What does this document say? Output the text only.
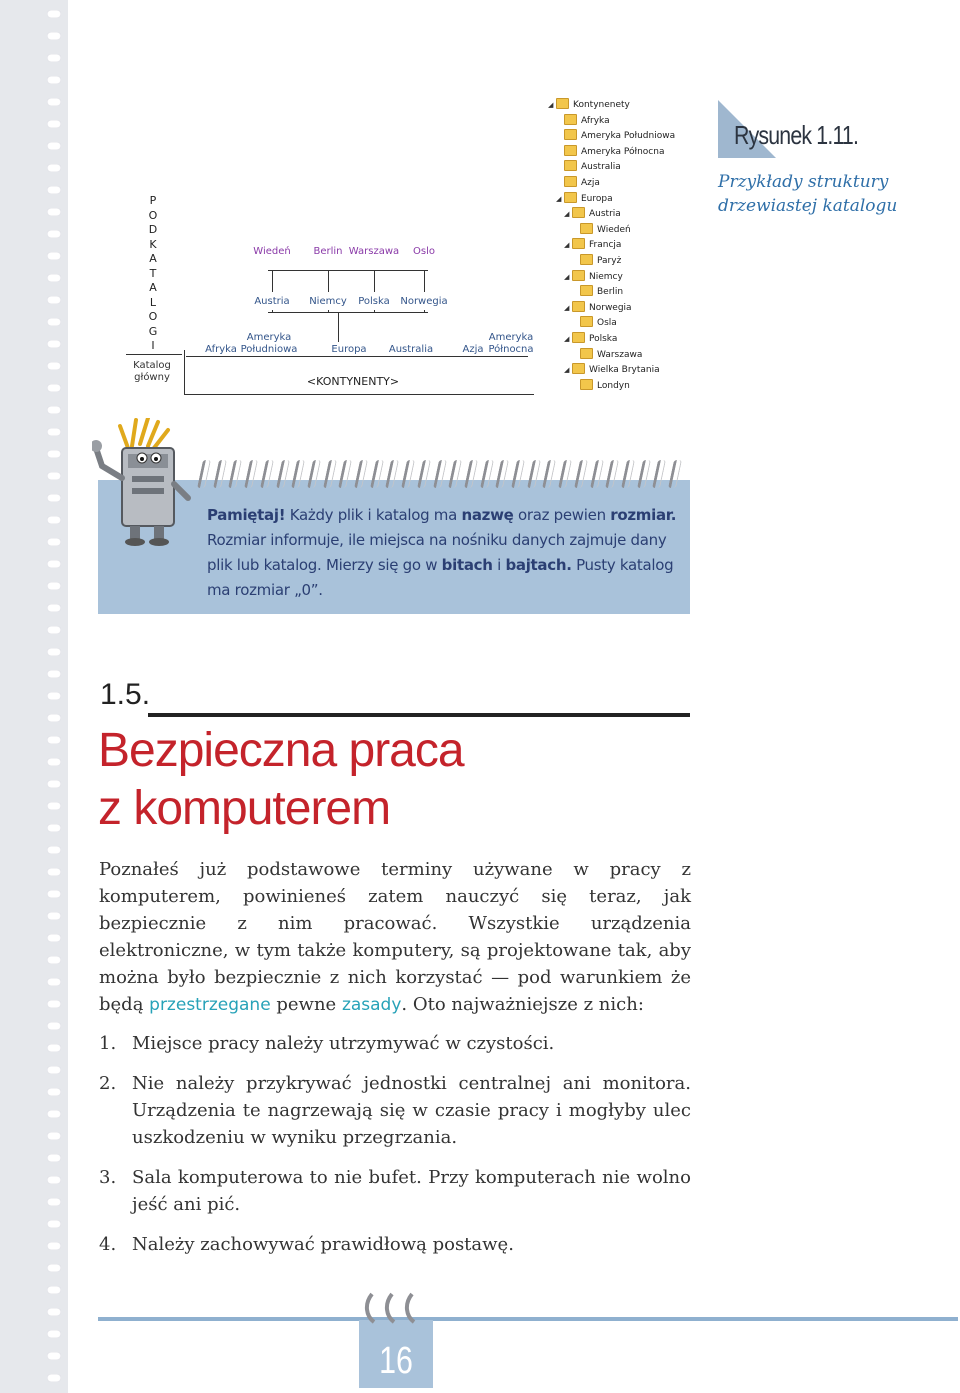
P
O
D
K
A
T
A
L
O
G
I
Katalog
główny	<KONTYNENTY>
Afryka
Ameryka
Południowa	Europa	Australia	Azja
Ameryka
Północna
Austria	Niemcy	Polska	Norwegia
Wiedeń	Berlin Warszawa	Oslo
◢ Kontynenety
Afryka
Ameryka Południowa
Ameryka Północna
Australia
Azja
◢ Europa
◢ Austria
Wiedeń
◢ Francja
Paryż
◢ Niemcy
Berlin
◢ Norwegia
Osla
◢ Polska
Warszawa
◢ Wielka Brytania
Londyn
Rysunek 1.11.
Przykłady struktury
drzewiastej katalogu
Pamiętaj! Każdy plik i katalog ma nazwę oraz pewien rozmiar. Rozmiar informuje, ile miejsca na nośniku danych zajmuje dany plik lub katalog. Mierzy się go w bitach i bajtach. Pusty katalog ma rozmiar „0”.
1.5.
Bezpieczna praca
z komputerem
Poznałeś już podstawowe terminy używane w pracy z komputerem, powinieneś zatem nauczyć się teraz, jak bezpiecznie z nim pracować. Wszystkie urządzenia elektroniczne, w tym także komputery, są projektowane tak, aby można było bezpiecznie z nich korzystać — pod warunkiem że będą przestrzegane pewne zasady. Oto najważniejsze z nich:
1. Miejsce pracy należy utrzymywać w czystości.
2. Nie należy przykrywać jednostki centralnej ani monitora. Urządzenia te nagrzewają się w czasie pracy i mogłyby ulec uszkodzeniu w wyniku przegrzania.
3. Sala komputerowa to nie bufet. Przy komputerach nie wolno jeść ani pić.
4. Należy zachowywać prawidłową postawę.
16
